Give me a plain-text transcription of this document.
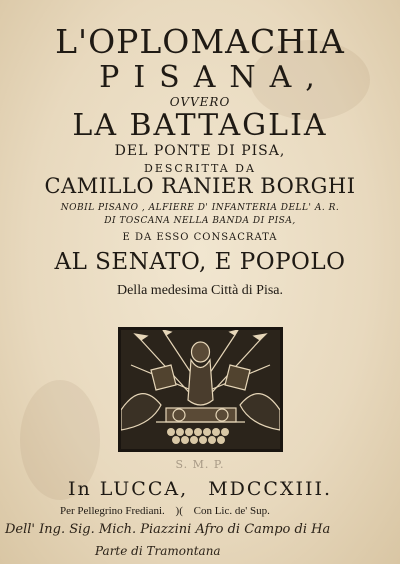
L'OPLOMACHIA
PISANA,
OVVERO
LA BATTAGLIA
DEL PONTE DI PISA,
DESCRITTA DA
CAMILLO RANIER BORGHI
NOBIL PISANO , ALFIERE D' INFANTERIA DELL' A. R.
DI TOSCANA NELLA BANDA DI PISA,
E DA ESSO CONSACRATA
AL SENATO, E POPOLO
Della medesima Città di Pisa.
S. M. P.
In LUCCA, MDCCXIII.
Per Pellegrino Frediani. )( Con Lic. de' Sup.
Dell' Ing. Sig. Mich. Piazzini Afro di Campo di Ha
Parte di Tramontana
